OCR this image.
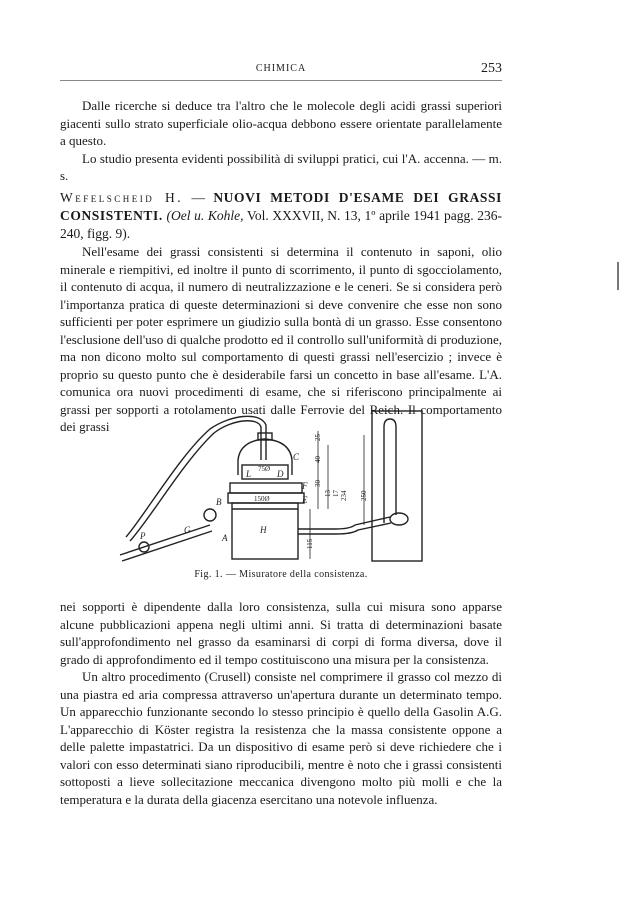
CHIMICA	253

Dalle ricerche si deduce tra l'altro che le molecole degli acidi grassi superiori giacenti sullo strato superficiale olio-acqua debbono essere orientate parallelamente a questo.

Lo studio presenta evidenti possibilità di sviluppi pratici, cui l'A. accenna. — m. s.

Wefelscheid H. — NUOVI METODI D'ESAME DEI GRASSI CONSISTENTI. (Oel u. Kohle, Vol. XXXVII, N. 13, 1º aprile 1941 pagg. 236-240, figg. 9).

Nell'esame dei grassi consistenti si determina il contenuto in saponi, olio minerale e riempitivi, ed inoltre il punto di scorrimento, il punto di sgocciolamento, il contenuto di acqua, il numero di neutralizzazione e le ceneri. Se si considera però l'importanza pratica di queste determinazioni si deve convenire che esse non sono sufficienti per poter esprimere un giudizio sulla bontà di un grasso. Esse consentono l'esclusione dell'uso di qualche prodotto ed il controllo sull'uniformità di produzione, ma non dicono molto sul comportamento di questi grassi nell'esercizio ; invece è proprio su questo punto che è desiderabile farsi un concetto in base all'esame. L'A. comunica ora nuovi procedimenti di esame, che si riferiscono principalmente ai grassi per sopporti a rotolamento usati dalle Ferrovie del Reich. Il comportamento dei grassi

P
G
C
F
E
B
A
H
L	D
75Ø
150Ø
25
40
30
13 17 234
115
250

Fig. 1. — Misuratore della consistenza.

nei sopporti è dipendente dalla loro consistenza, sulla cui misura sono apparse alcune pubblicazioni appena negli ultimi anni. Si tratta di determinazioni basate sull'approfondimento nel grasso da esaminarsi di corpi di forma diversa, dove il grado di approfondimento ed il tempo costituiscono una misura per la consistenza.

Un altro procedimento (Crusell) consiste nel comprimere il grasso col mezzo di una piastra ed aria compressa attraverso un'apertura durante un determinato tempo. Un apparecchio funzionante secondo lo stesso principio è quello della Gasolin A.G. L'apparecchio di Köster registra la resistenza che la massa consistente oppone a delle palette impastatrici. Da un dispositivo di esame però si deve richiedere che i valori con esso determinati siano riproducibili, mentre è noto che i grassi consistenti sottoposti a lieve sollecitazione meccanica divengono molto più molli e che la temperatura e la durata della giacenza esercitano una notevole influenza.
